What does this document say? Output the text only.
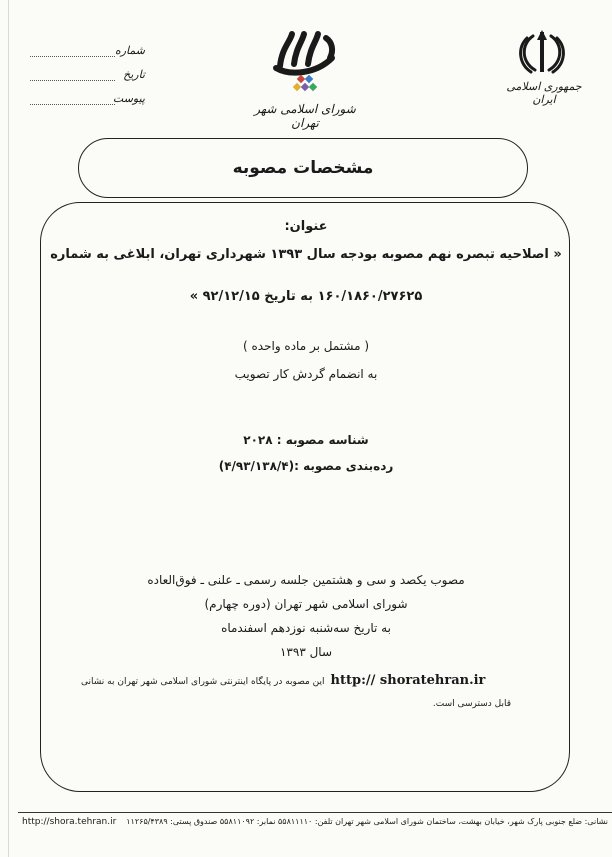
جمهوری اسلامی ایران
شورای اسلامی شهر تهران
شماره
تاریخ
پیوست
مشخصات مصوبه
عنوان:
« اصلاحیه تبصره نهم مصوبه بودجه سال ۱۳۹۳ شهرداری تهران، ابلاغی به شماره
۱۶۰/۱۸۶۰/۲۷۶۲۵ به تاریخ ۹۲/۱۲/۱۵ »
( مشتمل بر ماده واحده )
به انضمام گردش کار تصویب
شناسه مصوبه : ۲۰۲۸
رده‌بندی مصوبه :(۴/۹۳/۱۳۸/۴)
مصوب یکصد و سی و هشتمین جلسه رسمی ـ علنی ـ فوق‌العاده
شورای اسلامی شهر تهران (دوره چهارم)
به تاریخ سه‌شنبه نوزدهم اسفندماه
سال ۱۳۹۳
این مصوبه در پایگاه اینترنتی شورای اسلامی شهر تهران به نشانی http:// shoratehran.ir
قابل دسترسی است.
نشانی: ضلع جنوبی پارک شهر، خیابان بهشت، ساختمان شورای اسلامی شهر تهران تلفن: ۵۵۸۱۱۱۱۰ نمابر: ۵۵۸۱۱۰۹۲ صندوق پستی: ۱۱۲۶۵/۴۳۸۹
http://shora.tehran.ir
